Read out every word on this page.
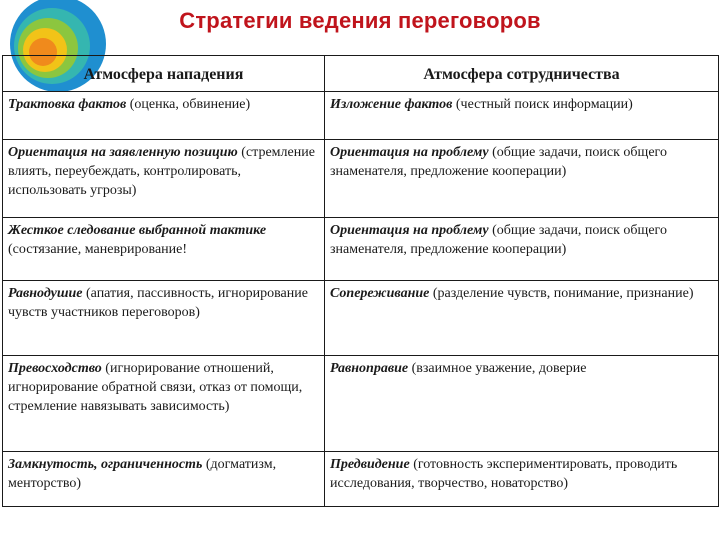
Стратегии ведения переговоров
Атмосфера нападения	Атмосфера сотрудничества
Трактовка фактов (оценка, обвинение)	Изложение фактов (честный поиск информации)
Ориентация на заявленную позицию (стремление влиять, переубеждать, контролировать, использовать угрозы)	Ориентация на проблему (общие задачи, поиск общего знаменателя, предложение кооперации)
Жесткое следование выбранной тактике (состязание, маневрирование!	Ориентация на проблему (общие задачи, поиск общего знаменателя, предложение кооперации)
Равнодушие (апатия, пассивность, игнорирование чувств участников переговоров)	Сопереживание (разделение чувств, понимание, признание)
Превосходство (игнорирование отношений, игнорирование обратной связи, отказ от помощи, стремление навязывать зависимость)	Равноправие (взаимное уважение, доверие
Замкнутость, ограниченность (догматизм, менторство)	Предвидение (готовность экспериментировать, проводить исследования, творчество, новаторство)
